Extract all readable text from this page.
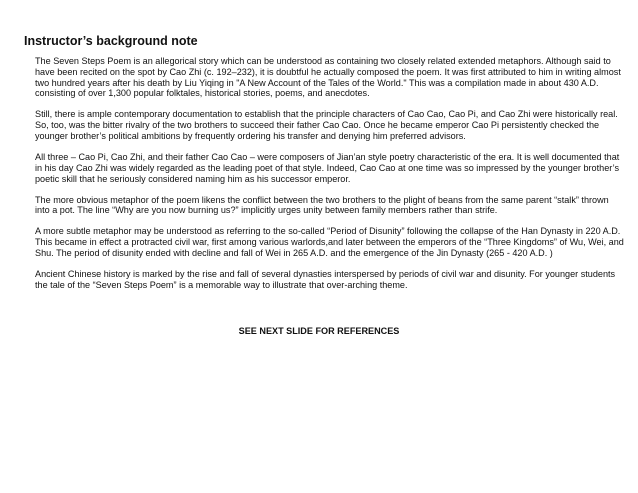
Instructor’s background note

The Seven Steps Poem is an allegorical story which can be understood as containing two closely related extended metaphors. Although said to have been recited on the spot by Cao Zhi (c. 192–232), it is doubtful he actually composed the poem. It was first attributed to him in writing almost two hundred years after his death by Liu Yiqing in "A New Account of the Tales of the World." This was a compilation made in about 430 A.D. consisting of over 1,300 popular folktales, historical stories, poems, and anecdotes.

Still, there is ample contemporary documentation to establish that the principle characters of Cao Cao, Cao Pi, and Cao Zhi were historically real. So, too, was the bitter rivalry of the two brothers to succeed their father Cao Cao. Once he became emperor Cao Pi persistently checked the younger brother’s political ambitions by frequently ordering his transfer and denying him preferred advisors.

All three – Cao Pi, Cao Zhi, and their father Cao Cao – were composers of Jian’an style poetry characteristic of the era. It is well documented that in his day Cao Zhi was widely regarded as the leading poet of that style. Indeed, Cao Cao at one time was so impressed by the younger brother’s poetic skill that he seriously considered naming him as his successor emperor.

The more obvious metaphor of the poem likens the conflict between the two brothers to the plight of beans from the same parent “stalk” thrown into a pot. The line “Why are you now burning us?” implicitly urges unity between family members rather than strife.

A more subtle metaphor may be understood as referring to the so-called “Period of Disunity” following the collapse of the Han Dynasty in 220 A.D. This became in effect a protracted civil war, first among various warlords,and later between the emperors of the “Three Kingdoms” of Wu, Wei, and Shu. The period of disunity ended with decline and fall of Wei in 265 A.D. and the emergence of the Jin Dynasty (265 - 420 A.D. )

Ancient Chinese history is marked by the rise and fall of several dynasties interspersed by periods of civil war and disunity. For younger students the tale of the “Seven Steps Poem” is a memorable way to illustrate that over-arching theme.

SEE NEXT SLIDE FOR REFERENCES
